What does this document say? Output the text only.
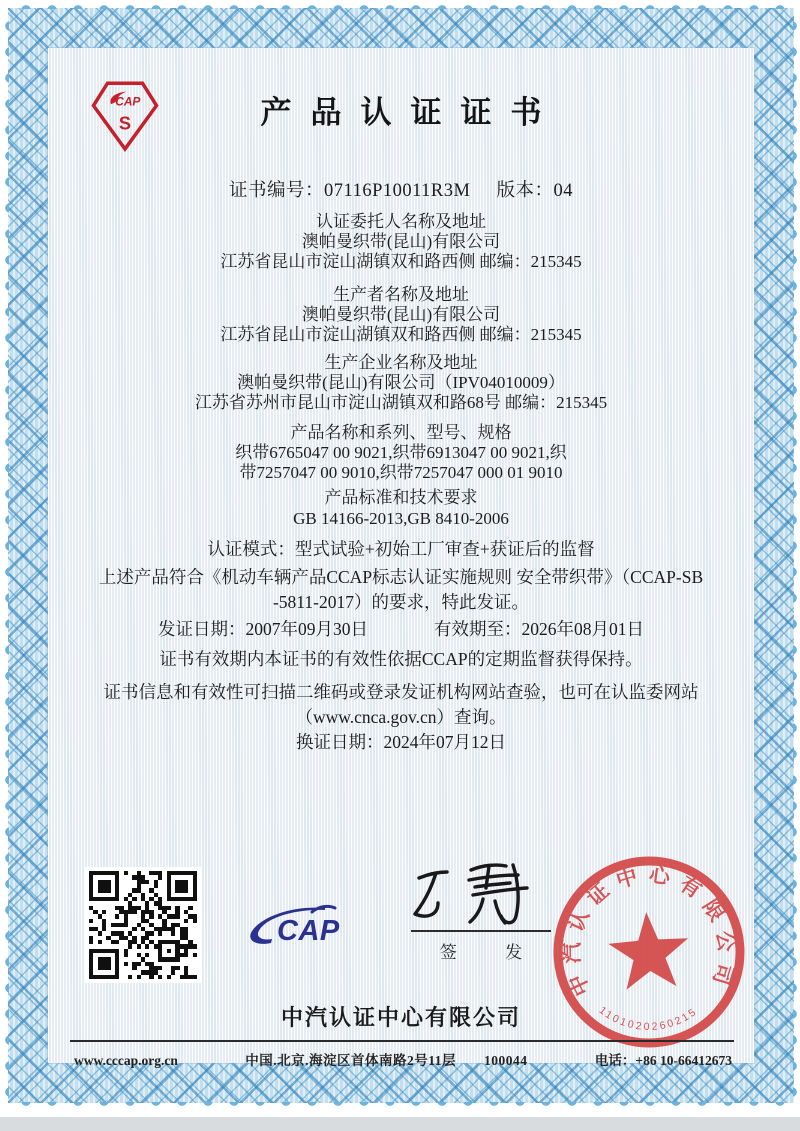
CAP
S	产品认证证书
证书编号：07116P10011R3M 版本：04
认证委托人名称及地址
澳帕曼织带(昆山)有限公司
江苏省昆山市淀山湖镇双和路西侧 邮编：215345
生产者名称及地址
澳帕曼织带(昆山)有限公司
江苏省昆山市淀山湖镇双和路西侧 邮编：215345
生产企业名称及地址
澳帕曼织带(昆山)有限公司（IPV04010009）
江苏省苏州市昆山市淀山湖镇双和路68号 邮编：215345
产品名称和系列、型号、规格
织带6765047 00 9021,织带6913047 00 9021,织
带7257047 00 9010,织带7257047 000 01 9010
产品标准和技术要求
GB 14166-2013,GB 8410-2006
认证模式：型式试验+初始工厂审查+获证后的监督
上述产品符合《机动车辆产品CCAP标志认证实施规则 安全带织带》（CCAP-SB
-5811-2017）的要求，特此发证。
发证日期：2007年09月30日	有效期至：2026年08月01日
证书有效期内本证书的有效性依据CCAP的定期监督获得保持。
证书信息和有效性可扫描二维码或登录发证机构网站查验，也可在认监委网站
（www.cnca.gov.cn）查询。
换证日期：2024年07月12日
CAP
签 发
中汽认证中心有限公司
1101020260215
中汽认证中心有限公司
www.cccap.org.cn	中国.北京.海淀区首体南路2号11层　　100044	电话：+86 10-66412673
